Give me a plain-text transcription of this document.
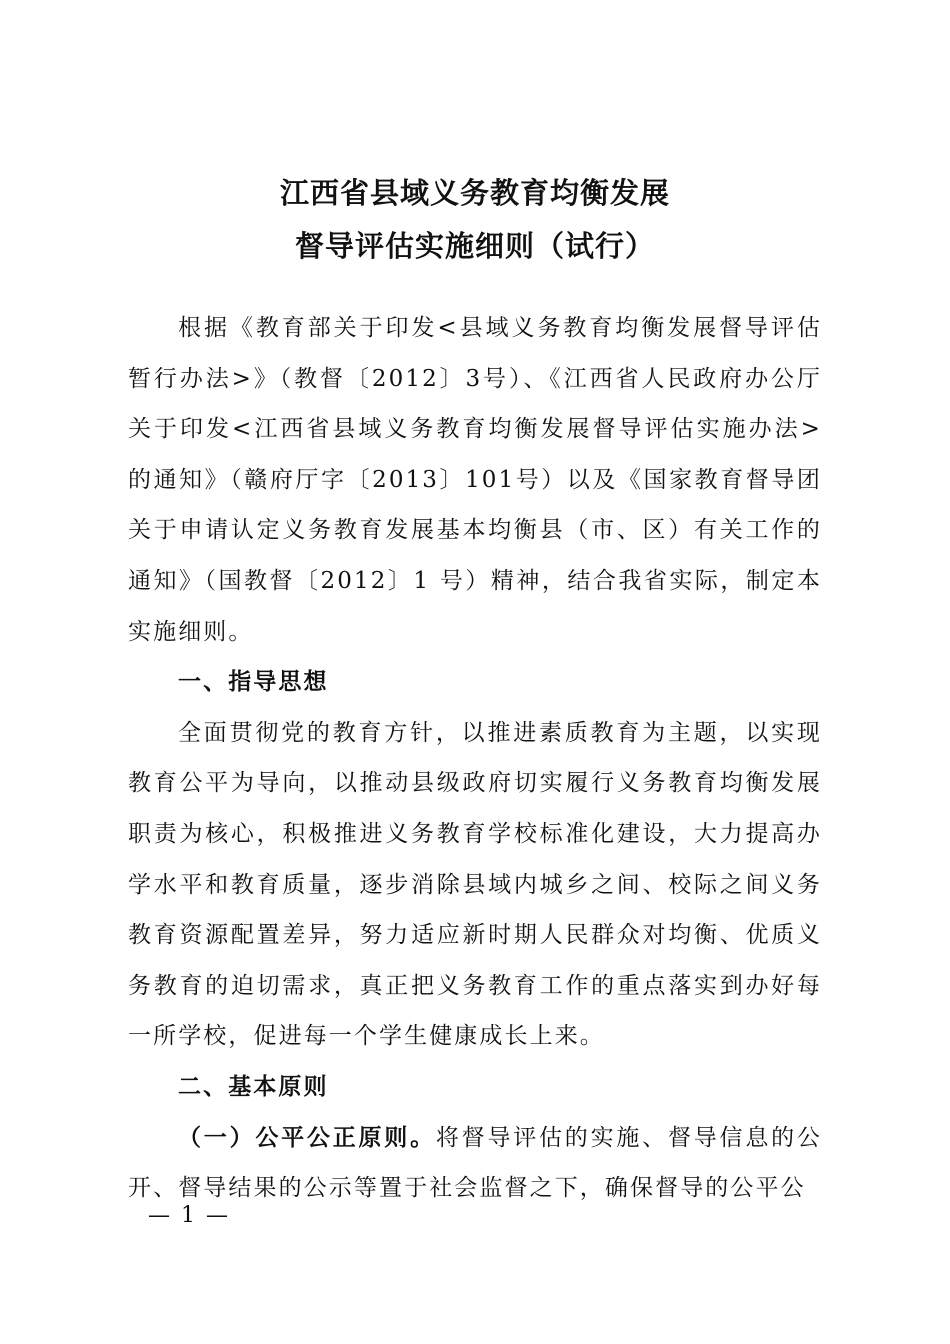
江西省县域义务教育均衡发展
督导评估实施细则（试行）

根据《教育部关于印发<县域义务教育均衡发展督导评估暂行办法>》（教督〔2012〕3号）、《江西省人民政府办公厅关于印发<江西省县域义务教育均衡发展督导评估实施办法>的通知》（赣府厅字〔2013〕101号）以及《国家教育督导团关于申请认定义务教育发展基本均衡县（市、区）有关工作的通知》（国教督〔2012〕1 号）精神，结合我省实际，制定本实施细则。

一、指导思想

全面贯彻党的教育方针，以推进素质教育为主题，以实现教育公平为导向，以推动县级政府切实履行义务教育均衡发展职责为核心，积极推进义务教育学校标准化建设，大力提高办学水平和教育质量，逐步消除县域内城乡之间、校际之间义务教育资源配置差异，努力适应新时期人民群众对均衡、优质义务教育的迫切需求，真正把义务教育工作的重点落实到办好每一所学校，促进每一个学生健康成长上来。

二、基本原则

（一）公平公正原则。将督导评估的实施、督导信息的公开、督导结果的公示等置于社会监督之下，确保督导的公平公

— 1 —
